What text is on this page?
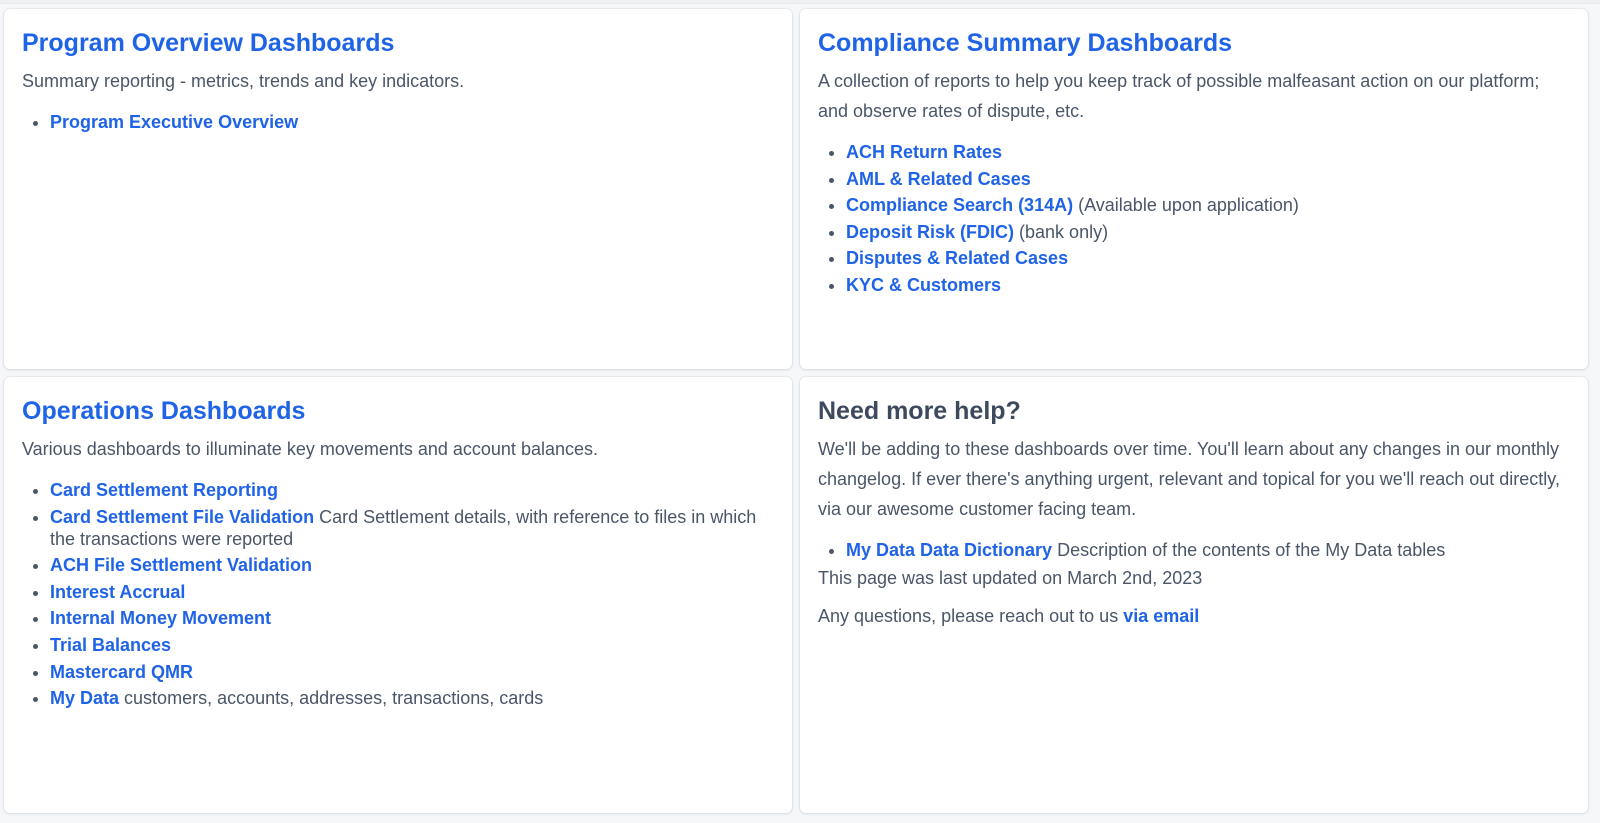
Program Overview Dashboards

Summary reporting - metrics, trends and key indicators.

• Program Executive Overview
Compliance Summary Dashboards

A collection of reports to help you keep track of possible malfeasant action on our platform; and observe rates of dispute, etc.

• ACH Return Rates
• AML & Related Cases
• Compliance Search (314A) (Available upon application)
• Deposit Risk (FDIC) (bank only)
• Disputes & Related Cases
• KYC & Customers
Operations Dashboards

Various dashboards to illuminate key movements and account balances.

• Card Settlement Reporting
• Card Settlement File Validation Card Settlement details, with reference to files in which the transactions were reported
• ACH File Settlement Validation
• Interest Accrual
• Internal Money Movement
• Trial Balances
• Mastercard QMR
• My Data customers, accounts, addresses, transactions, cards
Need more help?

We'll be adding to these dashboards over time. You'll learn about any changes in our monthly changelog. If ever there's anything urgent, relevant and topical for you we'll reach out directly, via our awesome customer facing team.

• My Data Data Dictionary Description of the contents of the My Data tables

This page was last updated on March 2nd, 2023

Any questions, please reach out to us via email
